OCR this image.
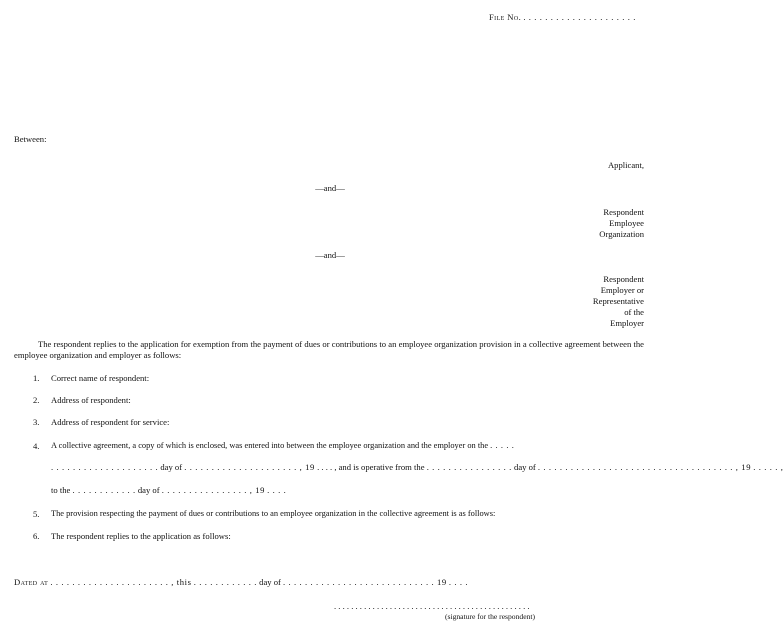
File No. . . . . . . . . . . . . . . . . . . . . .
Between:
Applicant,
—and—
Respondent
Employee
Organization
—and—
Respondent
Employer or
Representative
of the
Employer
The respondent replies to the application for exemption from the payment of dues or contributions to an employee organization provision in a collective agreement between the employee organization and employer as follows:
1.	Correct name of respondent:
2.	Address of respondent:
3.	Address of respondent for service:
4.	A collective agreement, a copy of which is enclosed, was entered into between the employee organization and the employer on the . . . . .
. . . . . . . . . . . . . . . . . . . . day of . . . . . . . . . . . . . . . . . . . . . , 19 . . . . , and is operative from the . . . . . . . . . . . . . . . . day of . . . . . . . . . . . . . . . . . . . . . . . . . . . . . . . . . . . . , 19 . . . . . ,
to the . . . . . . . . . . . . day of . . . . . . . . . . . . . . . . , 19 . . . .
5.	The provision respecting the payment of dues or contributions to an employee organization in the collective agreement is as follows:
6.	The respondent replies to the application as follows:
Dated at . . . . . . . . . . . . . . . . . . . . . . , this . . . . . . . . . . . . day of . . . . . . . . . . . . . . . . . . . . . . . . . . . . 19 . . . .
. . . . . . . . . . . . . . . . . . . . . . . . . . . . . . . . . . . . . . . . . . . . . .
(signature for the respondent)
